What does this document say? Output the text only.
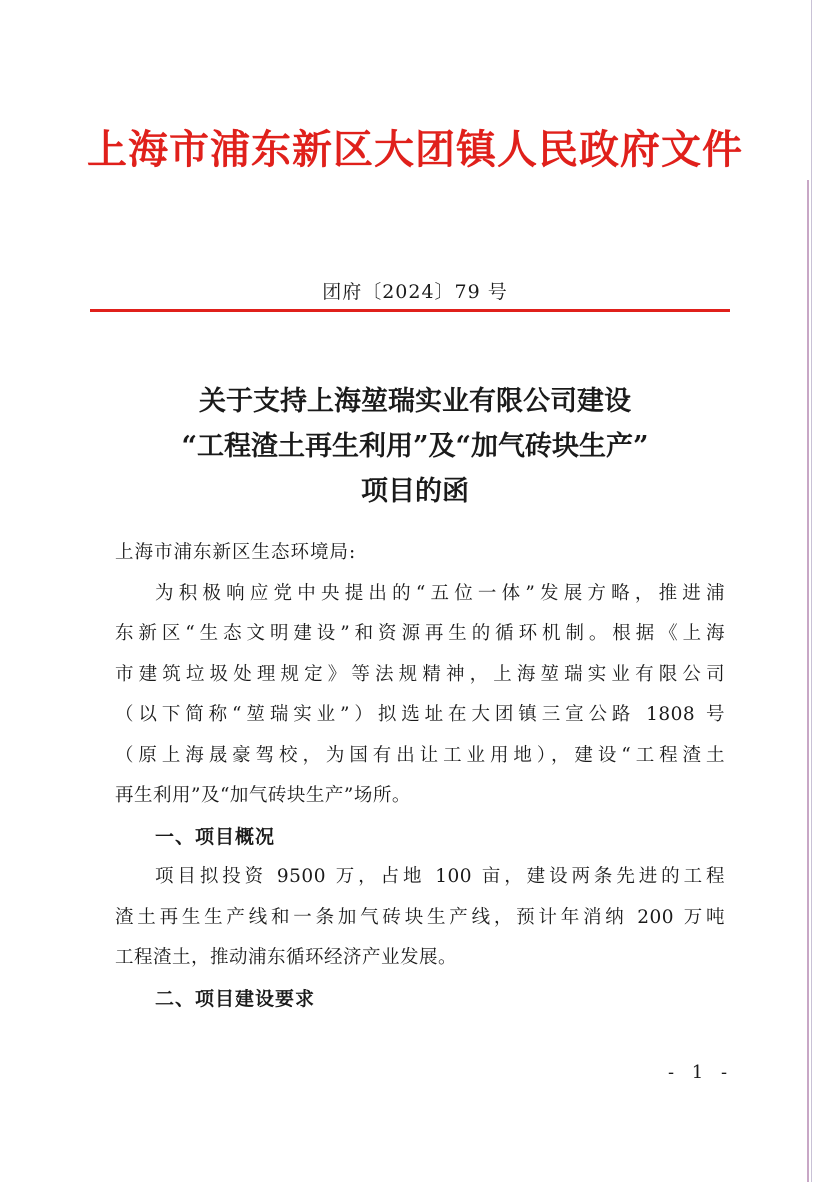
上海市浦东新区大团镇人民政府文件
团府〔2024〕79 号
关于支持上海堃瑞实业有限公司建设
“工程渣土再生利用”及“加气砖块生产”
项目的函

上海市浦东新区生态环境局:

为积极响应党中央提出的“五位一体”发展方略，推进浦
东新区“生态文明建设”和资源再生的循环机制。根据《上海
市建筑垃圾处理规定》等法规精神，上海堃瑞实业有限公司
（以下简称“堃瑞实业”）拟选址在大团镇三宣公路 1808 号
（原上海晟豪驾校，为国有出让工业用地），建设“工程渣土
再生利用”及“加气砖块生产”场所。
一、项目概况
项目拟投资 9500 万，占地 100 亩，建设两条先进的工程
渣土再生生产线和一条加气砖块生产线，预计年消纳 200 万吨
工程渣土，推动浦东循环经济产业发展。
二、项目建设要求
- 1 -
